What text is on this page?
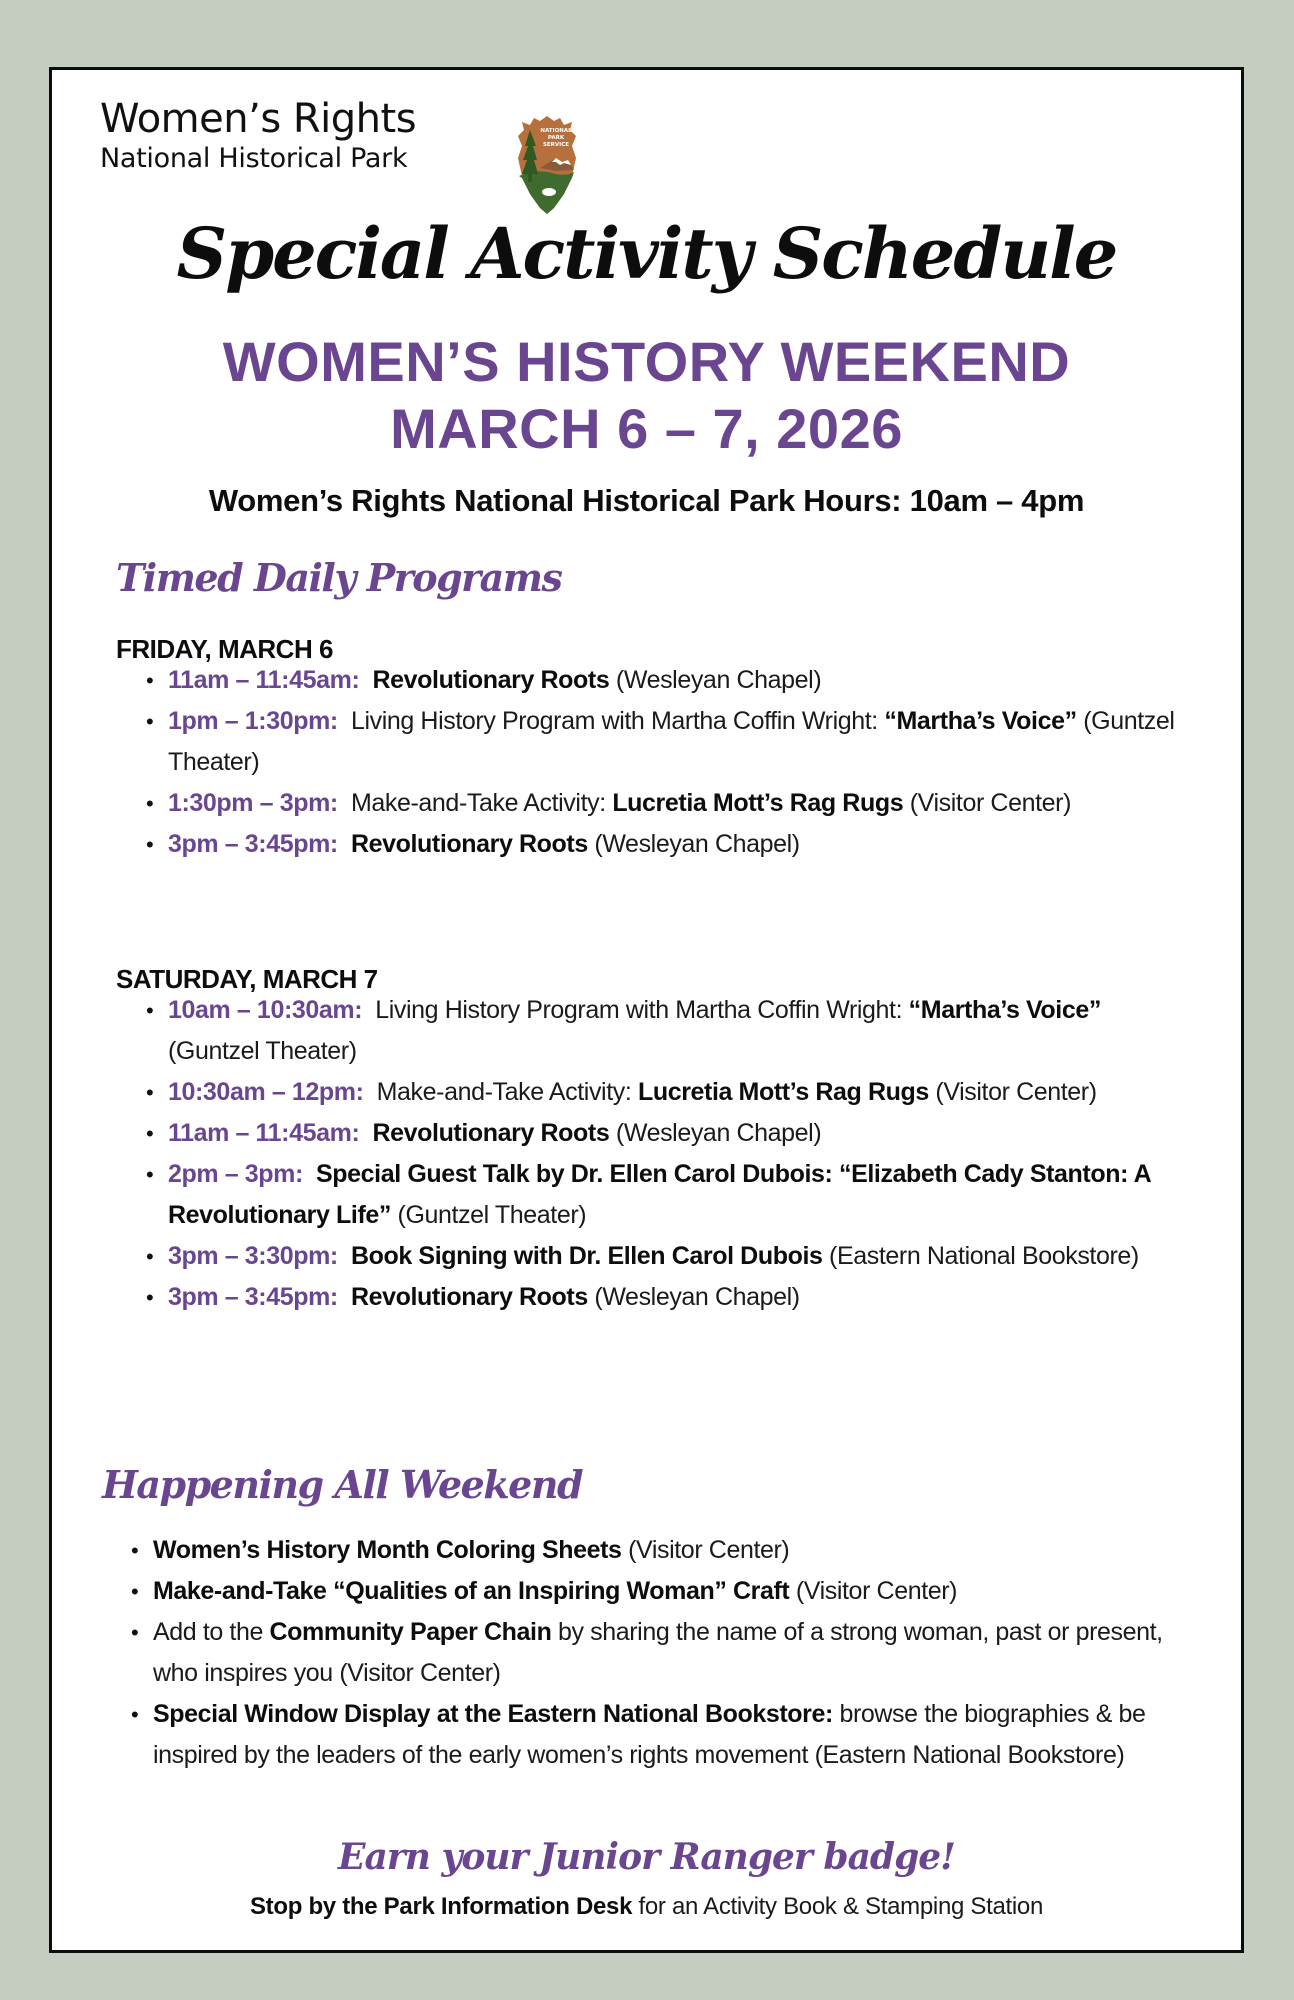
Women’s Rights
National Historical Park
NATIONAL
PARK
SERVICE
Special Activity Schedule
WOMEN’S HISTORY WEEKEND
MARCH 6 – 7, 2026
Women’s Rights National Historical Park Hours: 10am – 4pm
Timed Daily Programs
FRIDAY, MARCH 6
• 11am – 11:45am: Revolutionary Roots (Wesleyan Chapel)
• 1pm – 1:30pm: Living History Program with Martha Coffin Wright: “Martha’s Voice” (Guntzel Theater)
• 1:30pm – 3pm: Make-and-Take Activity: Lucretia Mott’s Rag Rugs (Visitor Center)
• 3pm – 3:45pm: Revolutionary Roots (Wesleyan Chapel)
SATURDAY, MARCH 7
• 10am – 10:30am: Living History Program with Martha Coffin Wright: “Martha’s Voice” (Guntzel Theater)
• 10:30am – 12pm: Make-and-Take Activity: Lucretia Mott’s Rag Rugs (Visitor Center)
• 11am – 11:45am: Revolutionary Roots (Wesleyan Chapel)
• 2pm – 3pm: Special Guest Talk by Dr. Ellen Carol Dubois: “Elizabeth Cady Stanton: A Revolutionary Life” (Guntzel Theater)
• 3pm – 3:30pm: Book Signing with Dr. Ellen Carol Dubois (Eastern National Bookstore)
• 3pm – 3:45pm: Revolutionary Roots (Wesleyan Chapel)
Happening All Weekend
• Women’s History Month Coloring Sheets (Visitor Center)
• Make-and-Take “Qualities of an Inspiring Woman” Craft (Visitor Center)
• Add to the Community Paper Chain by sharing the name of a strong woman, past or present, who inspires you (Visitor Center)
• Special Window Display at the Eastern National Bookstore: browse the biographies & be inspired by the leaders of the early women’s rights movement (Eastern National Bookstore)
Earn your Junior Ranger badge!
Stop by the Park Information Desk for an Activity Book & Stamping Station
